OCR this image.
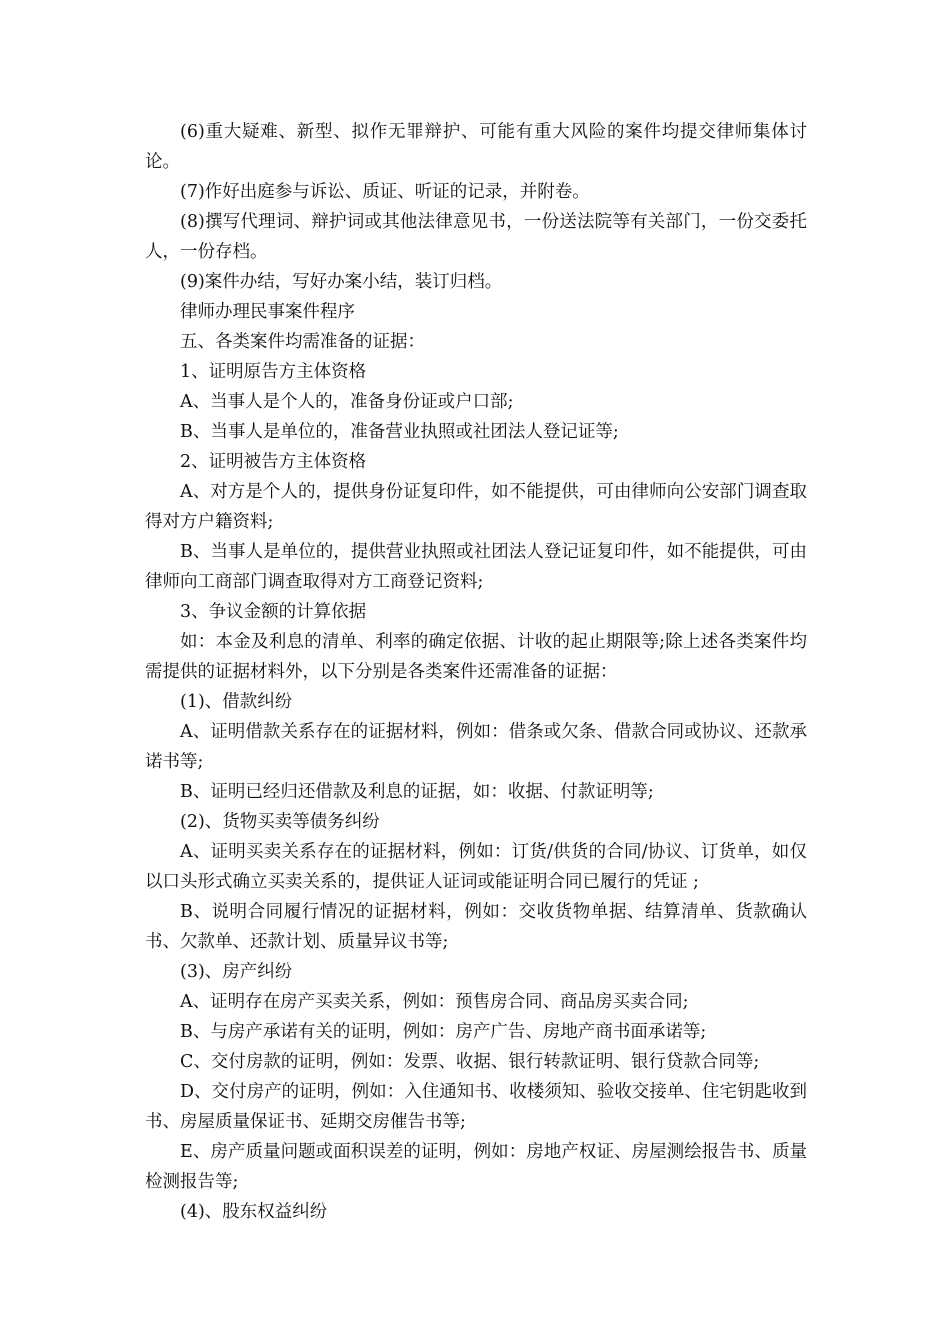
(6)重大疑难、新型、拟作无罪辩护、可能有重大风险的案件均提交律师集体讨论。

(7)作好出庭参与诉讼、质证、听证的记录，并附卷。

(8)撰写代理词、辩护词或其他法律意见书，一份送法院等有关部门，一份交委托人，一份存档。

(9)案件办结，写好办案小结，装订归档。

律师办理民事案件程序

五、各类案件均需准备的证据：

1、证明原告方主体资格

A、当事人是个人的，准备身份证或户口部;

B、当事人是单位的，准备营业执照或社团法人登记证等;

2、证明被告方主体资格

A、对方是个人的，提供身份证复印件，如不能提供，可由律师向公安部门调查取得对方户籍资料;

B、当事人是单位的，提供营业执照或社团法人登记证复印件，如不能提供，可由律师向工商部门调查取得对方工商登记资料;

3、争议金额的计算依据

如：本金及利息的清单、利率的确定依据、计收的起止期限等;除上述各类案件均需提供的证据材料外，以下分别是各类案件还需准备的证据：

(1)、借款纠纷

A、证明借款关系存在的证据材料，例如：借条或欠条、借款合同或协议、还款承诺书等;

B、证明已经归还借款及利息的证据，如：收据、付款证明等;

(2)、货物买卖等债务纠纷

A、证明买卖关系存在的证据材料，例如：订货/供货的合同/协议、订货单，如仅以口头形式确立买卖关系的，提供证人证词或能证明合同已履行的凭证 ;

B、说明合同履行情况的证据材料，例如：交收货物单据、结算清单、货款确认书、欠款单、还款计划、质量异议书等;

(3)、房产纠纷

A、证明存在房产买卖关系，例如：预售房合同、商品房买卖合同;

B、与房产承诺有关的证明，例如：房产广告、房地产商书面承诺等;

C、交付房款的证明，例如：发票、收据、银行转款证明、银行贷款合同等;

D、交付房产的证明，例如：入住通知书、收楼须知、验收交接单、住宅钥匙收到书、房屋质量保证书、延期交房催告书等;

E、房产质量问题或面积误差的证明，例如：房地产权证、房屋测绘报告书、质量检测报告等;

(4)、股东权益纠纷
